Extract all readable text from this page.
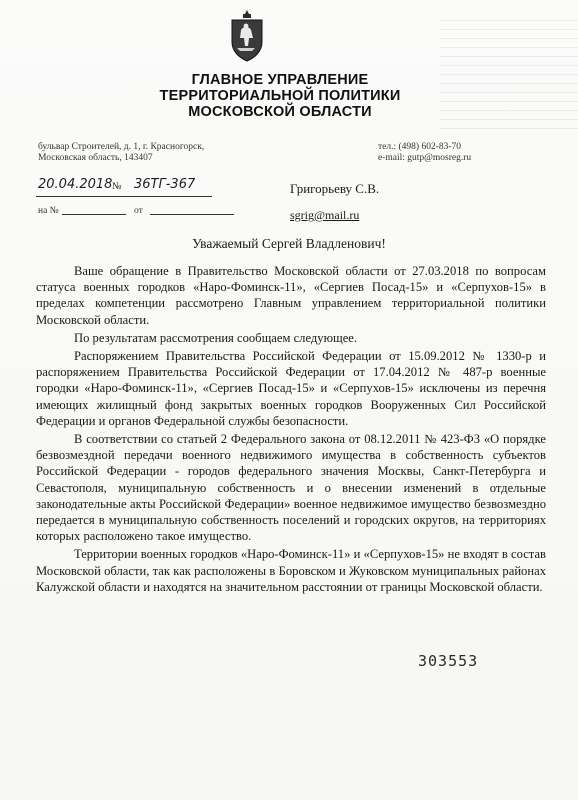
ГЛАВНОЕ УПРАВЛЕНИЕ
ТЕРРИТОРИАЛЬНОЙ ПОЛИТИКИ
МОСКОВСКОЙ ОБЛАСТИ
бульвар Строителей, д. 1, г. Красногорск,
Московская область, 143407
тел.: (498) 602-83-70
e-mail: gutp@mosreg.ru
20.04.2018 № 36ТГ-367
на №	от
Григорьеву С.В.
sgrig@mail.ru
Уважаемый Сергей Владленович!

Ваше обращение в Правительство Московской области от 27.03.2018 по вопросам статуса военных городков «Наро-Фоминск-11», «Сергиев Посад-15» и «Серпухов-15» в пределах компетенции рассмотрено Главным управлением территориальной политики Московской области.

По результатам рассмотрения сообщаем следующее.

Распоряжением Правительства Российской Федерации от 15.09.2012 № 1330-р и распоряжением Правительства Российской Федерации от 17.04.2012 № 487-р военные городки «Наро-Фоминск-11», «Сергиев Посад-15» и «Серпухов-15» исключены из перечня имеющих жилищный фонд закрытых военных городков Вооруженных Сил Российской Федерации и органов Федеральной службы безопасности.

В соответствии со статьей 2 Федерального закона от 08.12.2011 № 423-ФЗ «О порядке безвозмездной передачи военного недвижимого имущества в собственность субъектов Российской Федерации - городов федерального значения Москвы, Санкт-Петербурга и Севастополя, муниципальную собственность и о внесении изменений в отдельные законодательные акты Российской Федерации» военное недвижимое имущество безвозмездно передается в муниципальную собственность поселений и городских округов, на территориях которых расположено такое имущество.

Территории военных городков «Наро-Фоминск-11» и «Серпухов-15» не входят в состав Московской области, так как расположены в Боровском и Жуковском муниципальных районах Калужской области и находятся на значительном расстоянии от границы Московской области.

303553
